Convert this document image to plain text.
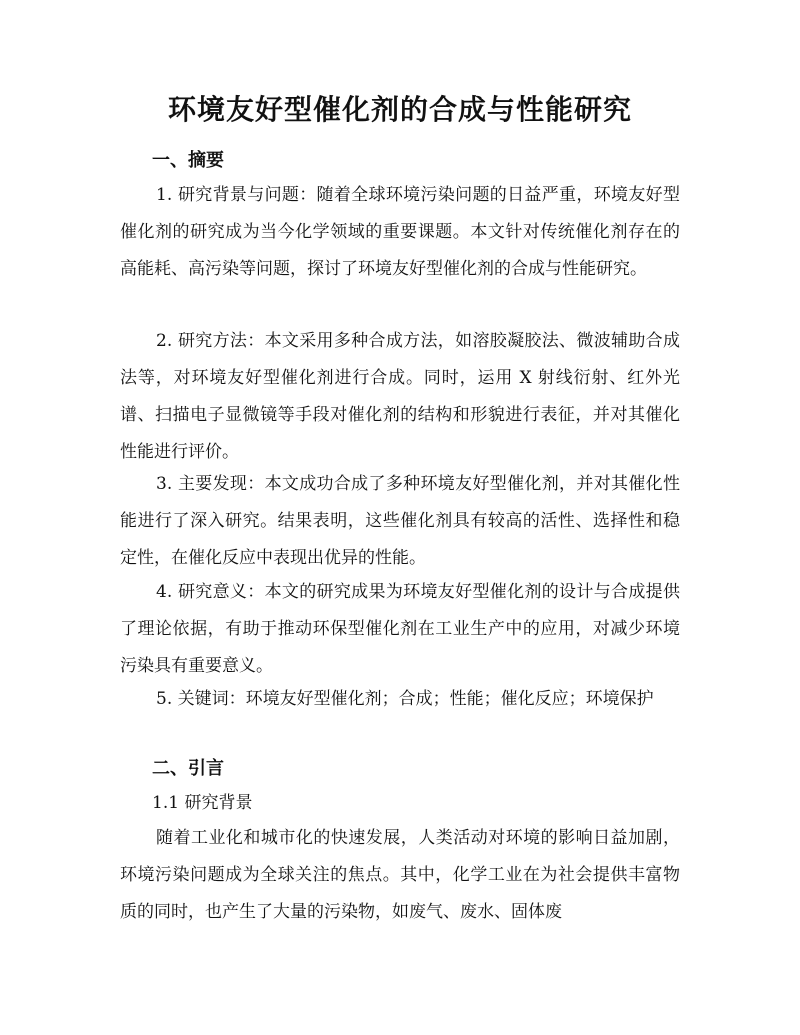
环境友好型催化剂的合成与性能研究
一、摘要

1. 研究背景与问题：随着全球环境污染问题的日益严重，环境友好型催化剂的研究成为当今化学领域的重要课题。本文针对传统催化剂存在的高能耗、高污染等问题，探讨了环境友好型催化剂的合成与性能研究。

2. 研究方法：本文采用多种合成方法，如溶胶凝胶法、微波辅助合成法等，对环境友好型催化剂进行合成。同时，运用 X 射线衍射、红外光谱、扫描电子显微镜等手段对催化剂的结构和形貌进行表征，并对其催化性能进行评价。

3. 主要发现：本文成功合成了多种环境友好型催化剂，并对其催化性能进行了深入研究。结果表明，这些催化剂具有较高的活性、选择性和稳定性，在催化反应中表现出优异的性能。

4. 研究意义：本文的研究成果为环境友好型催化剂的设计与合成提供了理论依据，有助于推动环保型催化剂在工业生产中的应用，对减少环境污染具有重要意义。

5. 关键词：环境友好型催化剂；合成；性能；催化反应；环境保护

二、引言
1.1 研究背景

随着工业化和城市化的快速发展，人类活动对环境的影响日益加剧，环境污染问题成为全球关注的焦点。其中，化学工业在为社会提供丰富物质的同时，也产生了大量的污染物，如废气、废水、固体废
